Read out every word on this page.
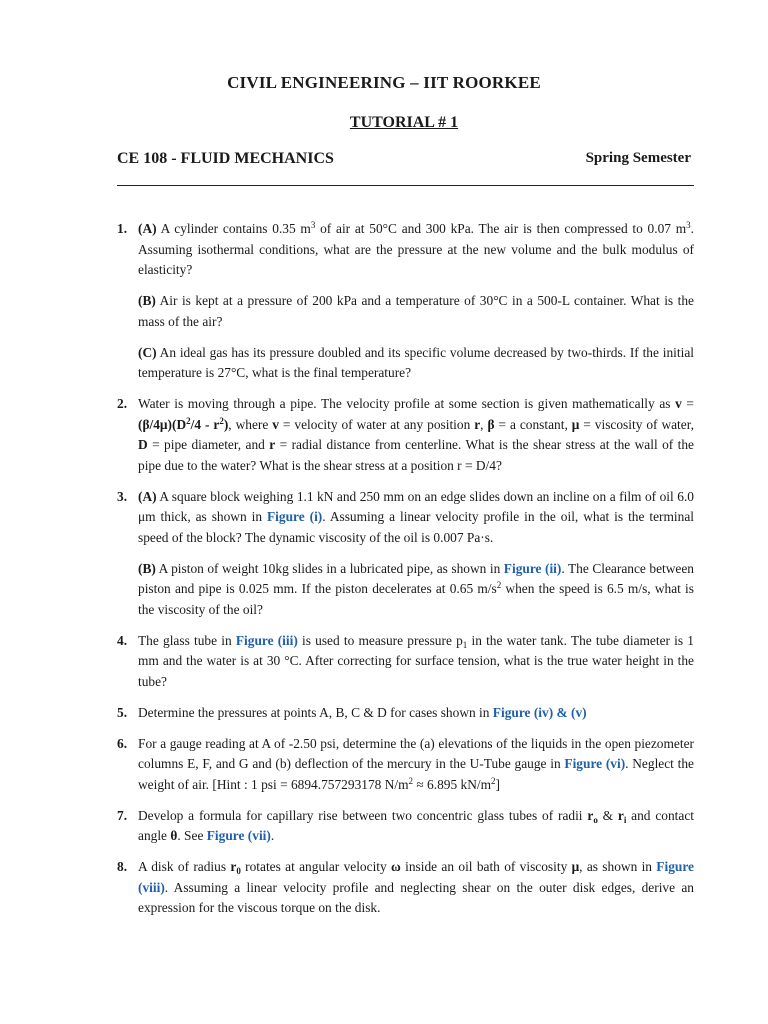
CIVIL ENGINEERING – IIT ROORKEE
TUTORIAL # 1
CE 108 - FLUID MECHANICS	Spring Semester
1. (A) A cylinder contains 0.35 $m^3$ of air at 50°C and 300 kPa. The air is then compressed to 0.07 $m^3$. Assuming isothermal conditions, what are the pressure at the new volume and the bulk modulus of elasticity?
(B) Air is kept at a pressure of 200 kPa and a temperature of 30°C in a 500-L container. What is the mass of the air?
(C) An ideal gas has its pressure doubled and its specific volume decreased by two-thirds. If the initial temperature is 27°C, what is the final temperature?
2. Water is moving through a pipe. The velocity profile at some section is given mathematically as $v = (\beta/4\mu)(D^2/4 - r^2)$, where v = velocity of water at any position r, β = a constant, μ = viscosity of water, D = pipe diameter, and r = radial distance from centerline. What is the shear stress at the wall of the pipe due to the water? What is the shear stress at a position r = D/4?
3. (A) A square block weighing 1.1 kN and 250 mm on an edge slides down an incline on a film of oil 6.0 μm thick, as shown in Figure (i). Assuming a linear velocity profile in the oil, what is the terminal speed of the block? The dynamic viscosity of the oil is 0.007 Pa·s.
(B) A piston of weight 10kg slides in a lubricated pipe, as shown in Figure (ii). The Clearance between piston and pipe is 0.025 mm. If the piston decelerates at 0.65 $m/s^2$ when the speed is 6.5 m/s, what is the viscosity of the oil?
4. The glass tube in Figure (iii) is used to measure pressure $p_1$ in the water tank. The tube diameter is 1 mm and the water is at 30 °C. After correcting for surface tension, what is the true water height in the tube?
5. Determine the pressures at points A, B, C & D for cases shown in Figure (iv) & (v)
6. For a gauge reading at A of -2.50 psi, determine the (a) elevations of the liquids in the open piezometer columns E, F, and G and (b) deflection of the mercury in the U-Tube gauge in Figure (vi). Neglect the weight of air. [Hint : 1 psi = 6894.757293178 $N/m^2 \approx 6.895$ $kN/m^2$]
7. Develop a formula for capillary rise between two concentric glass tubes of radii $r_o$ & $r_i$ and contact angle θ. See Figure (vii).
8. A disk of radius $r_0$ rotates at angular velocity ω inside an oil bath of viscosity μ, as shown in Figure (viii). Assuming a linear velocity profile and neglecting shear on the outer disk edges, derive an expression for the viscous torque on the disk.
